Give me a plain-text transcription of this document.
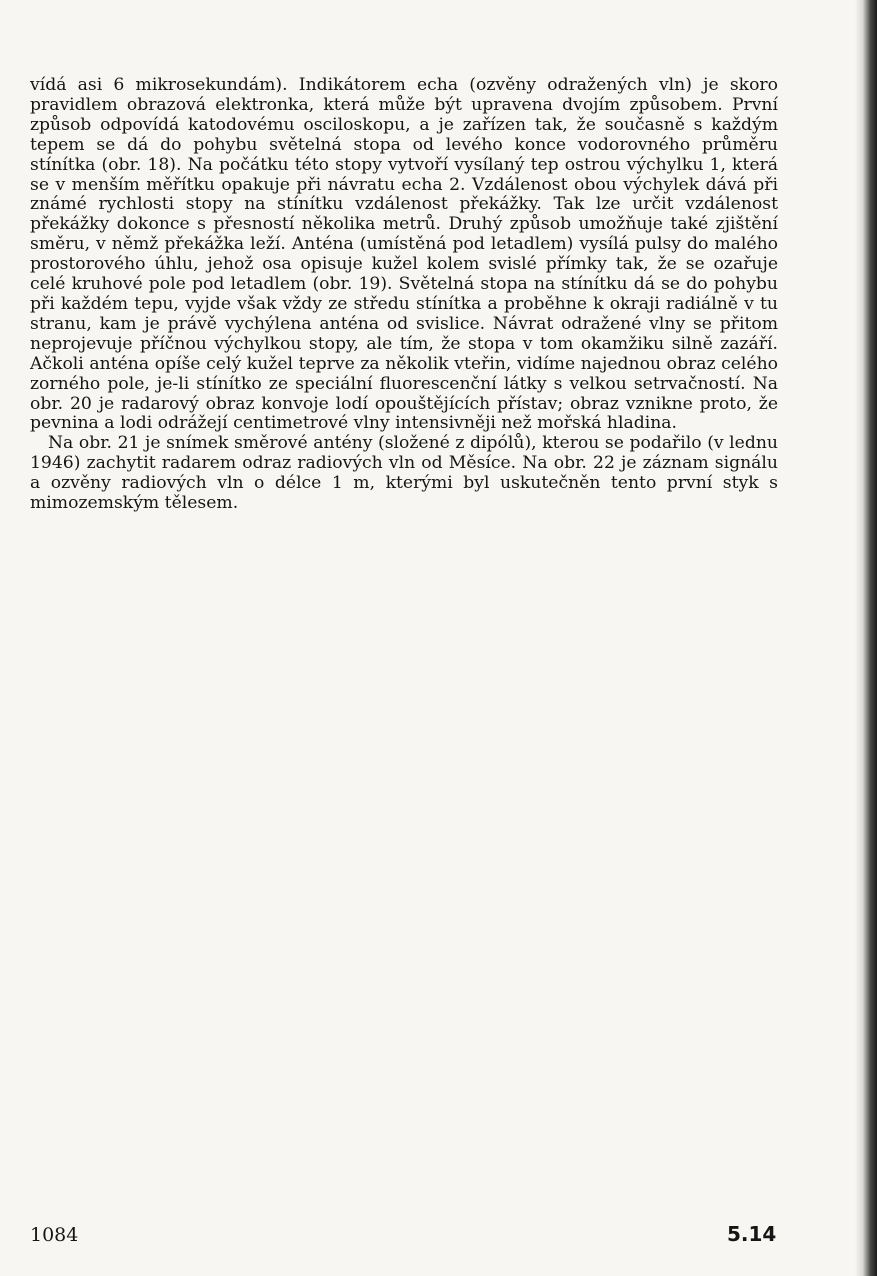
vídá asi 6 mikrosekundám). Indikátorem echa (ozvěny odražených vln) je skoro pravidlem obrazová elektronka, která může být upravena dvojím způsobem. První způsob odpovídá katodovému osciloskopu, a je zařízen tak, že současně s každým tepem se dá do pohybu světelná stopa od levého konce vodorovného průměru stínítka (obr. 18). Na počátku této stopy vytvoří vysílaný tep ostrou výchylku 1, která se v menším měřítku opakuje při návratu echa 2. Vzdálenost obou výchylek dává při známé rychlosti stopy na stínítku vzdálenost překážky. Tak lze určit vzdálenost překážky dokonce s přesností několika metrů. Druhý způsob umožňuje také zjištění směru, v němž překážka leží. Anténa (umístěná pod letadlem) vysílá pulsy do malého prostorového úhlu, jehož osa opisuje kužel kolem svislé přímky tak, že se ozařuje celé kruhové pole pod letadlem (obr. 19). Světelná stopa na stínítku dá se do pohybu při každém tepu, vyjde však vždy ze středu stínítka a proběhne k okraji radiálně v tu stranu, kam je právě vychýlena anténa od svislice. Návrat odražené vlny se přitom neprojevuje příčnou výchylkou stopy, ale tím, že stopa v tom okamžiku silně zazáří. Ačkoli anténa opíše celý kužel teprve za několik vteřin, vidíme najednou obraz celého zorného pole, je-li stínítko ze speciální fluorescenční látky s velkou setrvačností. Na obr. 20 je radarový obraz konvoje lodí opouštějících přístav; obraz vznikne proto, že pevnina a lodi odrážejí centimetrové vlny intensivněji než mořská hladina.

Na obr. 21 je snímek směrové antény (složené z dipólů), kterou se podařilo (v lednu 1946) zachytit radarem odraz radiových vln od Měsíce. Na obr. 22 je záznam signálu a ozvěny radiových vln o délce 1 m, kterými byl uskutečněn tento první styk s mimozemským tělesem.

1084	5.14
